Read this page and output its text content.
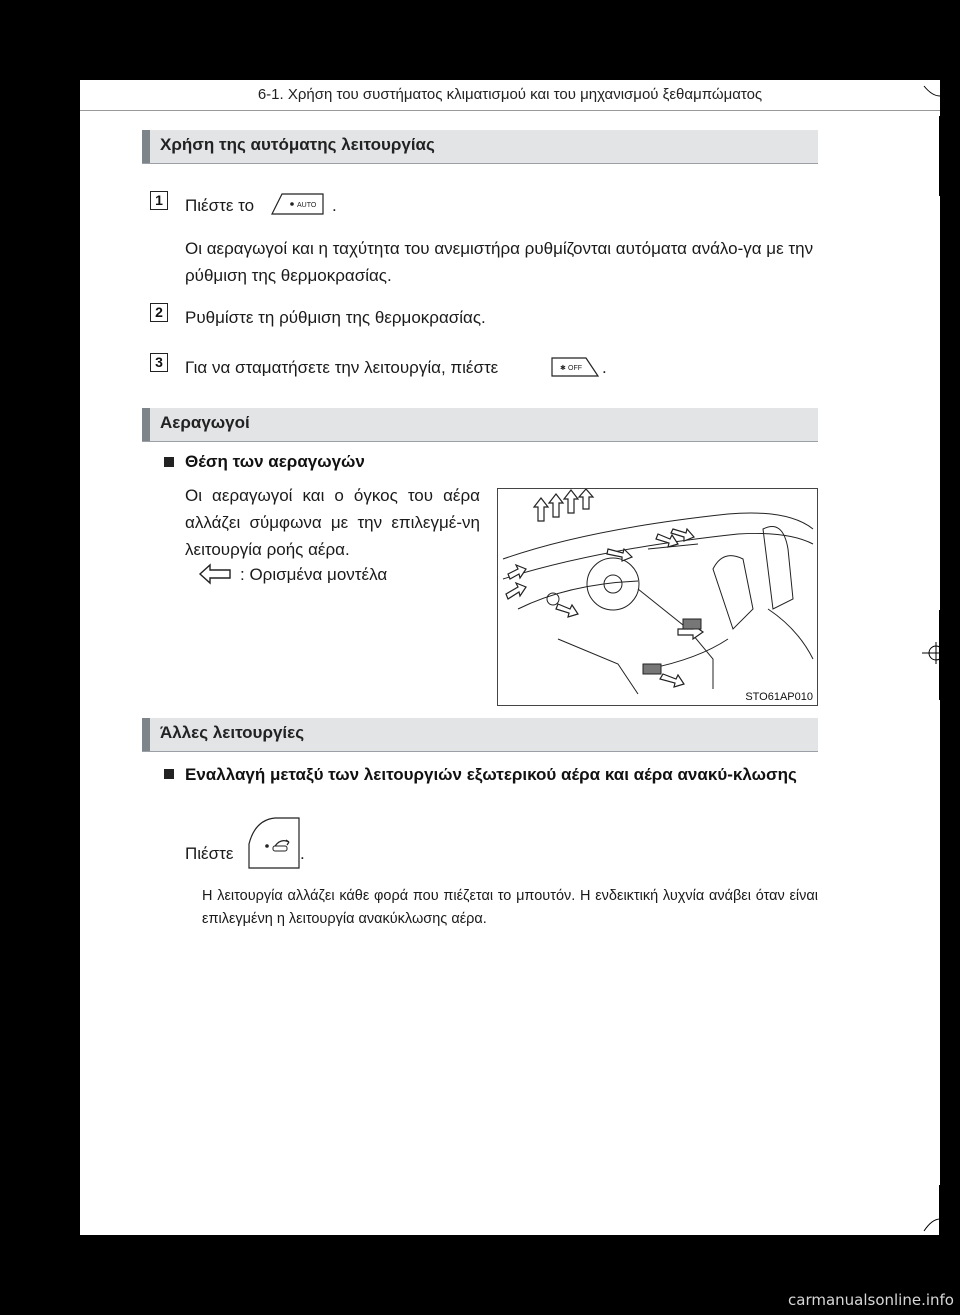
6-1. Χρήση του συστήματος κλιματισμού και του μηχανισμού ξεθαμπώματος
Χρήση της αυτόματης λειτουργίας
1	Πιέστε το	AUTO .
Οι αεραγωγοί και η ταχύτητα του ανεμιστήρα ρυθμίζονται αυτόματα ανάλο-γα με την ρύθμιση της θερμοκρασίας.
2	Ρυθμίστε τη ρύθμιση της θερμοκρασίας.
3	Για να σταματήσετε την λειτουργία, πιέστε	✱ OFF .
Αεραγωγοί
Θέση των αεραγωγών
Οι αεραγωγοί και ο όγκος του αέρα αλλάζει σύμφωνα με την επιλεγμέ-νη λειτουργία ροής αέρα.
: Ορισμένα μοντέλα
STO61AP010
Άλλες λειτουργίες
Εναλλαγή μεταξύ των λειτουργιών εξωτερικού αέρα και αέρα ανακύ-κλωσης
Πιέστε	.
Η λειτουργία αλλάζει κάθε φορά που πιέζεται το μπουτόν. Η ενδεικτική λυχνία ανάβει όταν είναι επιλεγμένη η λειτουργία ανακύκλωσης αέρα.
carmanualsonline.info
